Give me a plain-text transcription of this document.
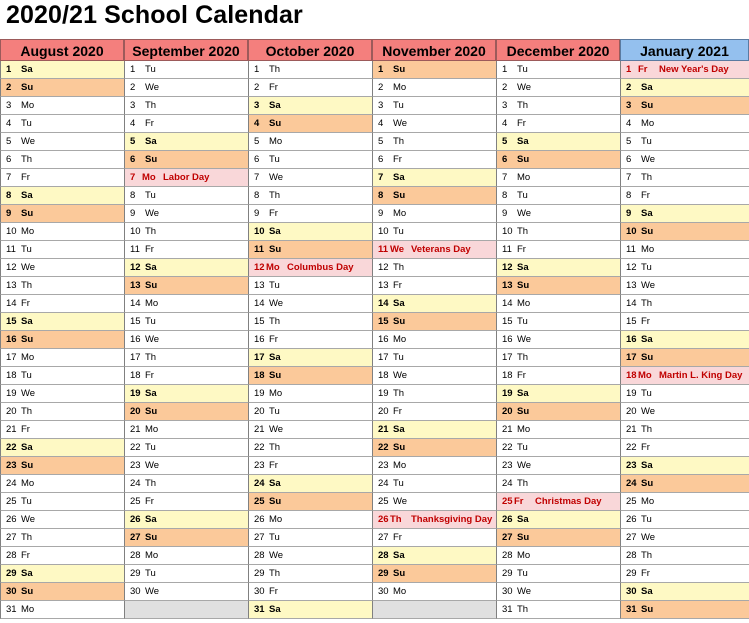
2020/21 School Calendar
August 2020
1 Sa
2 Su
3 Mo
4 Tu
5 We
6 Th
7 Fr
8 Sa
9 Su
10 Mo
11 Tu
12 We
13 Th
14 Fr
15 Sa
16 Su
17 Mo
18 Tu
19 We
20 Th
21 Fr
22 Sa
23 Su
24 Mo
25 Tu
26 We
27 Th
28 Fr
29 Sa
30 Su
31 Mo
September 2020
1 Tu
2 We
3 Th
4 Fr
5 Sa
6 Su
7 Mo Labor Day
8 Tu
9 We
10 Th
11 Fr
12 Sa
13 Su
14 Mo
15 Tu
16 We
17 Th
18 Fr
19 Sa
20 Su
21 Mo
22 Tu
23 We
24 Th
25 Fr
26 Sa
27 Su
28 Mo
29 Tu
30 We
October 2020
1 Th
2 Fr
3 Sa
4 Su
5 Mo
6 Tu
7 We
8 Th
9 Fr
10 Sa
11 Su
12 Mo Columbus Day
13 Tu
14 We
15 Th
16 Fr
17 Sa
18 Su
19 Mo
20 Tu
21 We
22 Th
23 Fr
24 Sa
25 Su
26 Mo
27 Tu
28 We
29 Th
30 Fr
31 Sa
November 2020
1 Su
2 Mo
3 Tu
4 We
5 Th
6 Fr
7 Sa
8 Su
9 Mo
10 Tu
11 We Veterans Day
12 Th
13 Fr
14 Sa
15 Su
16 Mo
17 Tu
18 We
19 Th
20 Fr
21 Sa
22 Su
23 Mo
24 Tu
25 We
26 Th Thanksgiving Day
27 Fr
28 Sa
29 Su
30 Mo
December 2020
1 Tu
2 We
3 Th
4 Fr
5 Sa
6 Su
7 Mo
8 Tu
9 We
10 Th
11 Fr
12 Sa
13 Su
14 Mo
15 Tu
16 We
17 Th
18 Fr
19 Sa
20 Su
21 Mo
22 Tu
23 We
24 Th
25 Fr Christmas Day
26 Sa
27 Su
28 Mo
29 Tu
30 We
31 Th
January 2021
1 Fr New Year's Day
2 Sa
3 Su
4 Mo
5 Tu
6 We
7 Th
8 Fr
9 Sa
10 Su
11 Mo
12 Tu
13 We
14 Th
15 Fr
16 Sa
17 Su
18 Mo Martin L. King Day
19 Tu
20 We
21 Th
22 Fr
23 Sa
24 Su
25 Mo
26 Tu
27 We
28 Th
29 Fr
30 Sa
31 Su
